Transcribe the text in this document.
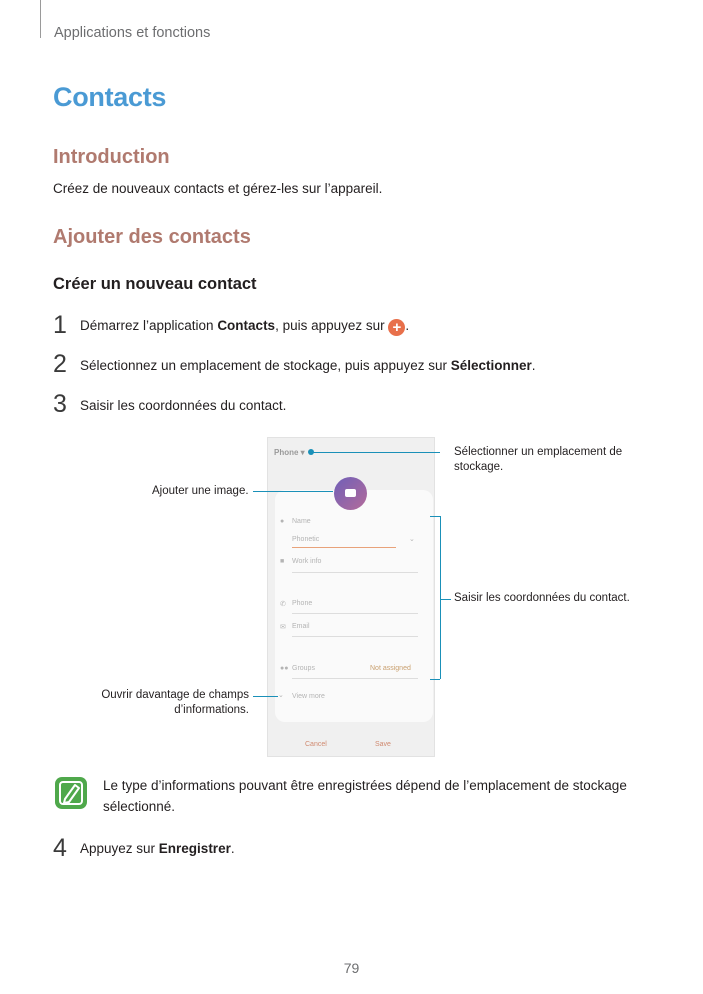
Applications et fonctions
Contacts
Introduction
Créez de nouveaux contacts et gérez-les sur l’appareil.
Ajouter des contacts
Créer un nouveau contact
1 Démarrez l’application Contacts, puis appuyez sur + .
2 Sélectionnez un emplacement de stockage, puis appuyez sur Sélectionner.
3 Saisir les coordonnées du contact.
Phone ▾
● Name
Phonetic	⌄
■ Work info
✆ Phone
✉ Email
●● Groups	Not assigned
⌄ View more
Cancel	Save
Sélectionner un emplacement de stockage.
Ajouter une image.
Saisir les coordonnées du contact.
Ouvrir davantage de champs d’informations.
Le type d’informations pouvant être enregistrées dépend de l’emplacement de stockage sélectionné.
4 Appuyez sur Enregistrer.
79
